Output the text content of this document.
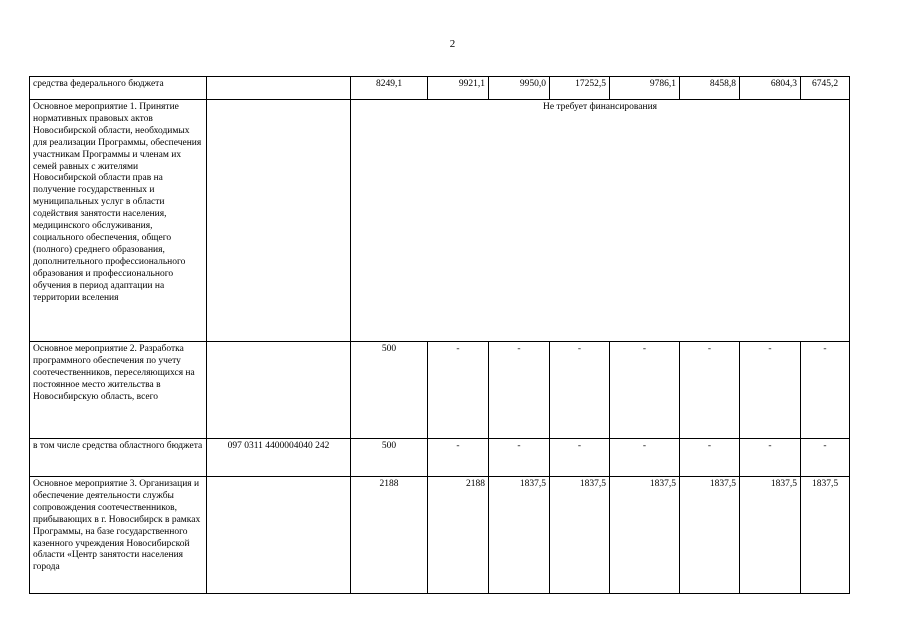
2
средства федерального бюджета		8249,1	9921,1	9950,0	17252,5	9786,1	8458,8	6804,3	6745,2
Основное мероприятие 1. Принятие нормативных правовых актов Новосибирской области, необходимых для реализации Программы, обеспечения участникам Программы и членам их семей равных с жителями Новосибирской области прав на получение государственных и муниципальных услуг в области содействия занятости населения, медицинского обслуживания, социального обеспечения, общего (полного) среднего образования, дополнительного профессионального образования и профессионального обучения в период адаптации на территории вселения		Не требует финансирования							
Основное мероприятие 2. Разработка программного обеспечения по учету соотечественников, переселяющихся на постоянное место жительства в Новосибирскую область, всего		500	-	-	-	-	-	-	-
в том числе средства областного бюджета	097 0311 4400004040 242	500	-	-	-	-	-	-	-
Основное мероприятие 3. Организация и обеспечение деятельности службы сопровождения соотечественников, прибывающих в г. Новосибирск в рамках Программы, на базе государственного казенного учреждения Новосибирской области «Центр занятости населения города		2188	2188	1837,5	1837,5	1837,5	1837,5	1837,5	1837,5
